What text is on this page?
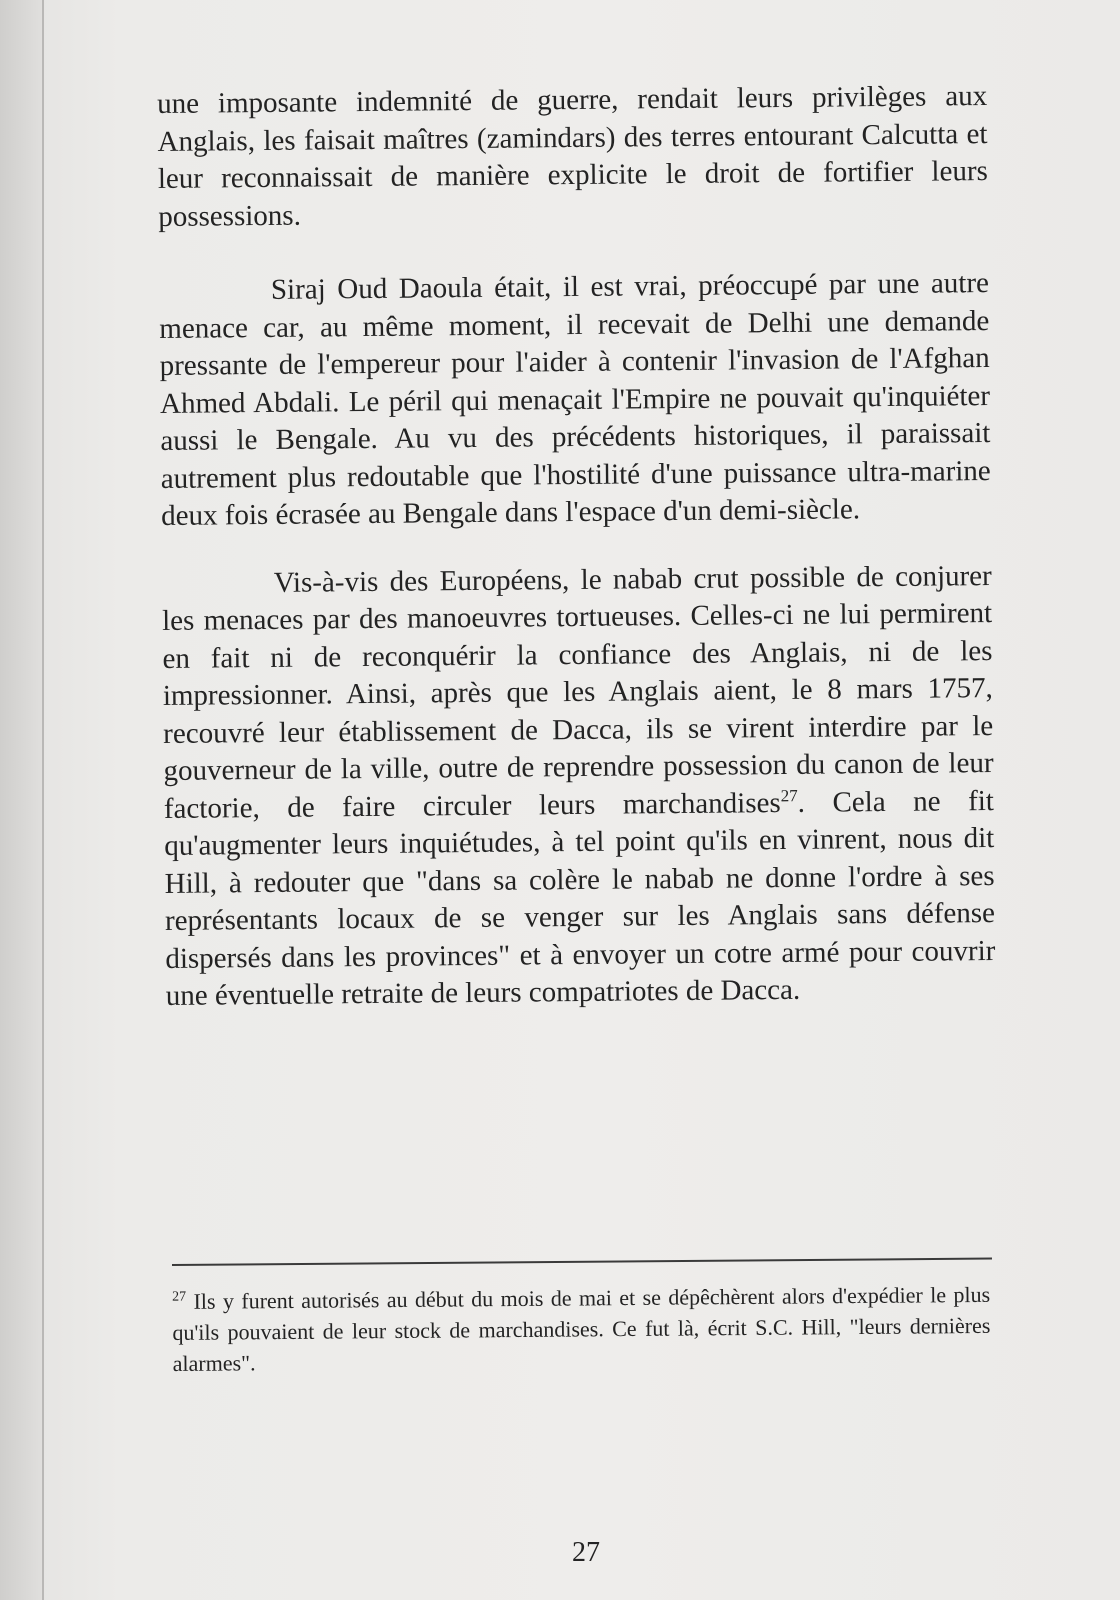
une imposante indemnité de guerre, rendait leurs privilèges aux Anglais, les faisait maîtres (zamindars) des terres entourant Calcutta et leur reconnaissait de manière explicite le droit de fortifier leurs possessions.

Siraj Oud Daoula était, il est vrai, préoccupé par une autre menace car, au même moment, il recevait de Delhi une demande pressante de l'empereur pour l'aider à contenir l'invasion de l'Afghan Ahmed Abdali. Le péril qui menaçait l'Empire ne pouvait qu'inquiéter aussi le Bengale. Au vu des précédents historiques, il paraissait autrement plus redoutable que l'hostilité d'une puissance ultra-marine deux fois écrasée au Bengale dans l'espace d'un demi-siècle.

Vis-à-vis des Européens, le nabab crut possible de conjurer les menaces par des manoeuvres tortueuses. Celles-ci ne lui permirent en fait ni de reconquérir la confiance des Anglais, ni de les impressionner. Ainsi, après que les Anglais aient, le 8 mars 1757, recouvré leur établissement de Dacca, ils se virent interdire par le gouverneur de la ville, outre de reprendre possession du canon de leur factorie, de faire circuler leurs marchandises$^{27}$. Cela ne fit qu'augmenter leurs inquiétudes, à tel point qu'ils en vinrent, nous dit Hill, à redouter que "dans sa colère le nabab ne donne l'ordre à ses représentants locaux de se venger sur les Anglais sans défense dispersés dans les provinces" et à envoyer un cotre armé pour couvrir une éventuelle retraite de leurs compatriotes de Dacca.

$^{27}$ Ils y furent autorisés au début du mois de mai et se dépêchèrent alors d'expédier le plus qu'ils pouvaient de leur stock de marchandises. Ce fut là, écrit S.C. Hill, "leurs dernières alarmes".
27
